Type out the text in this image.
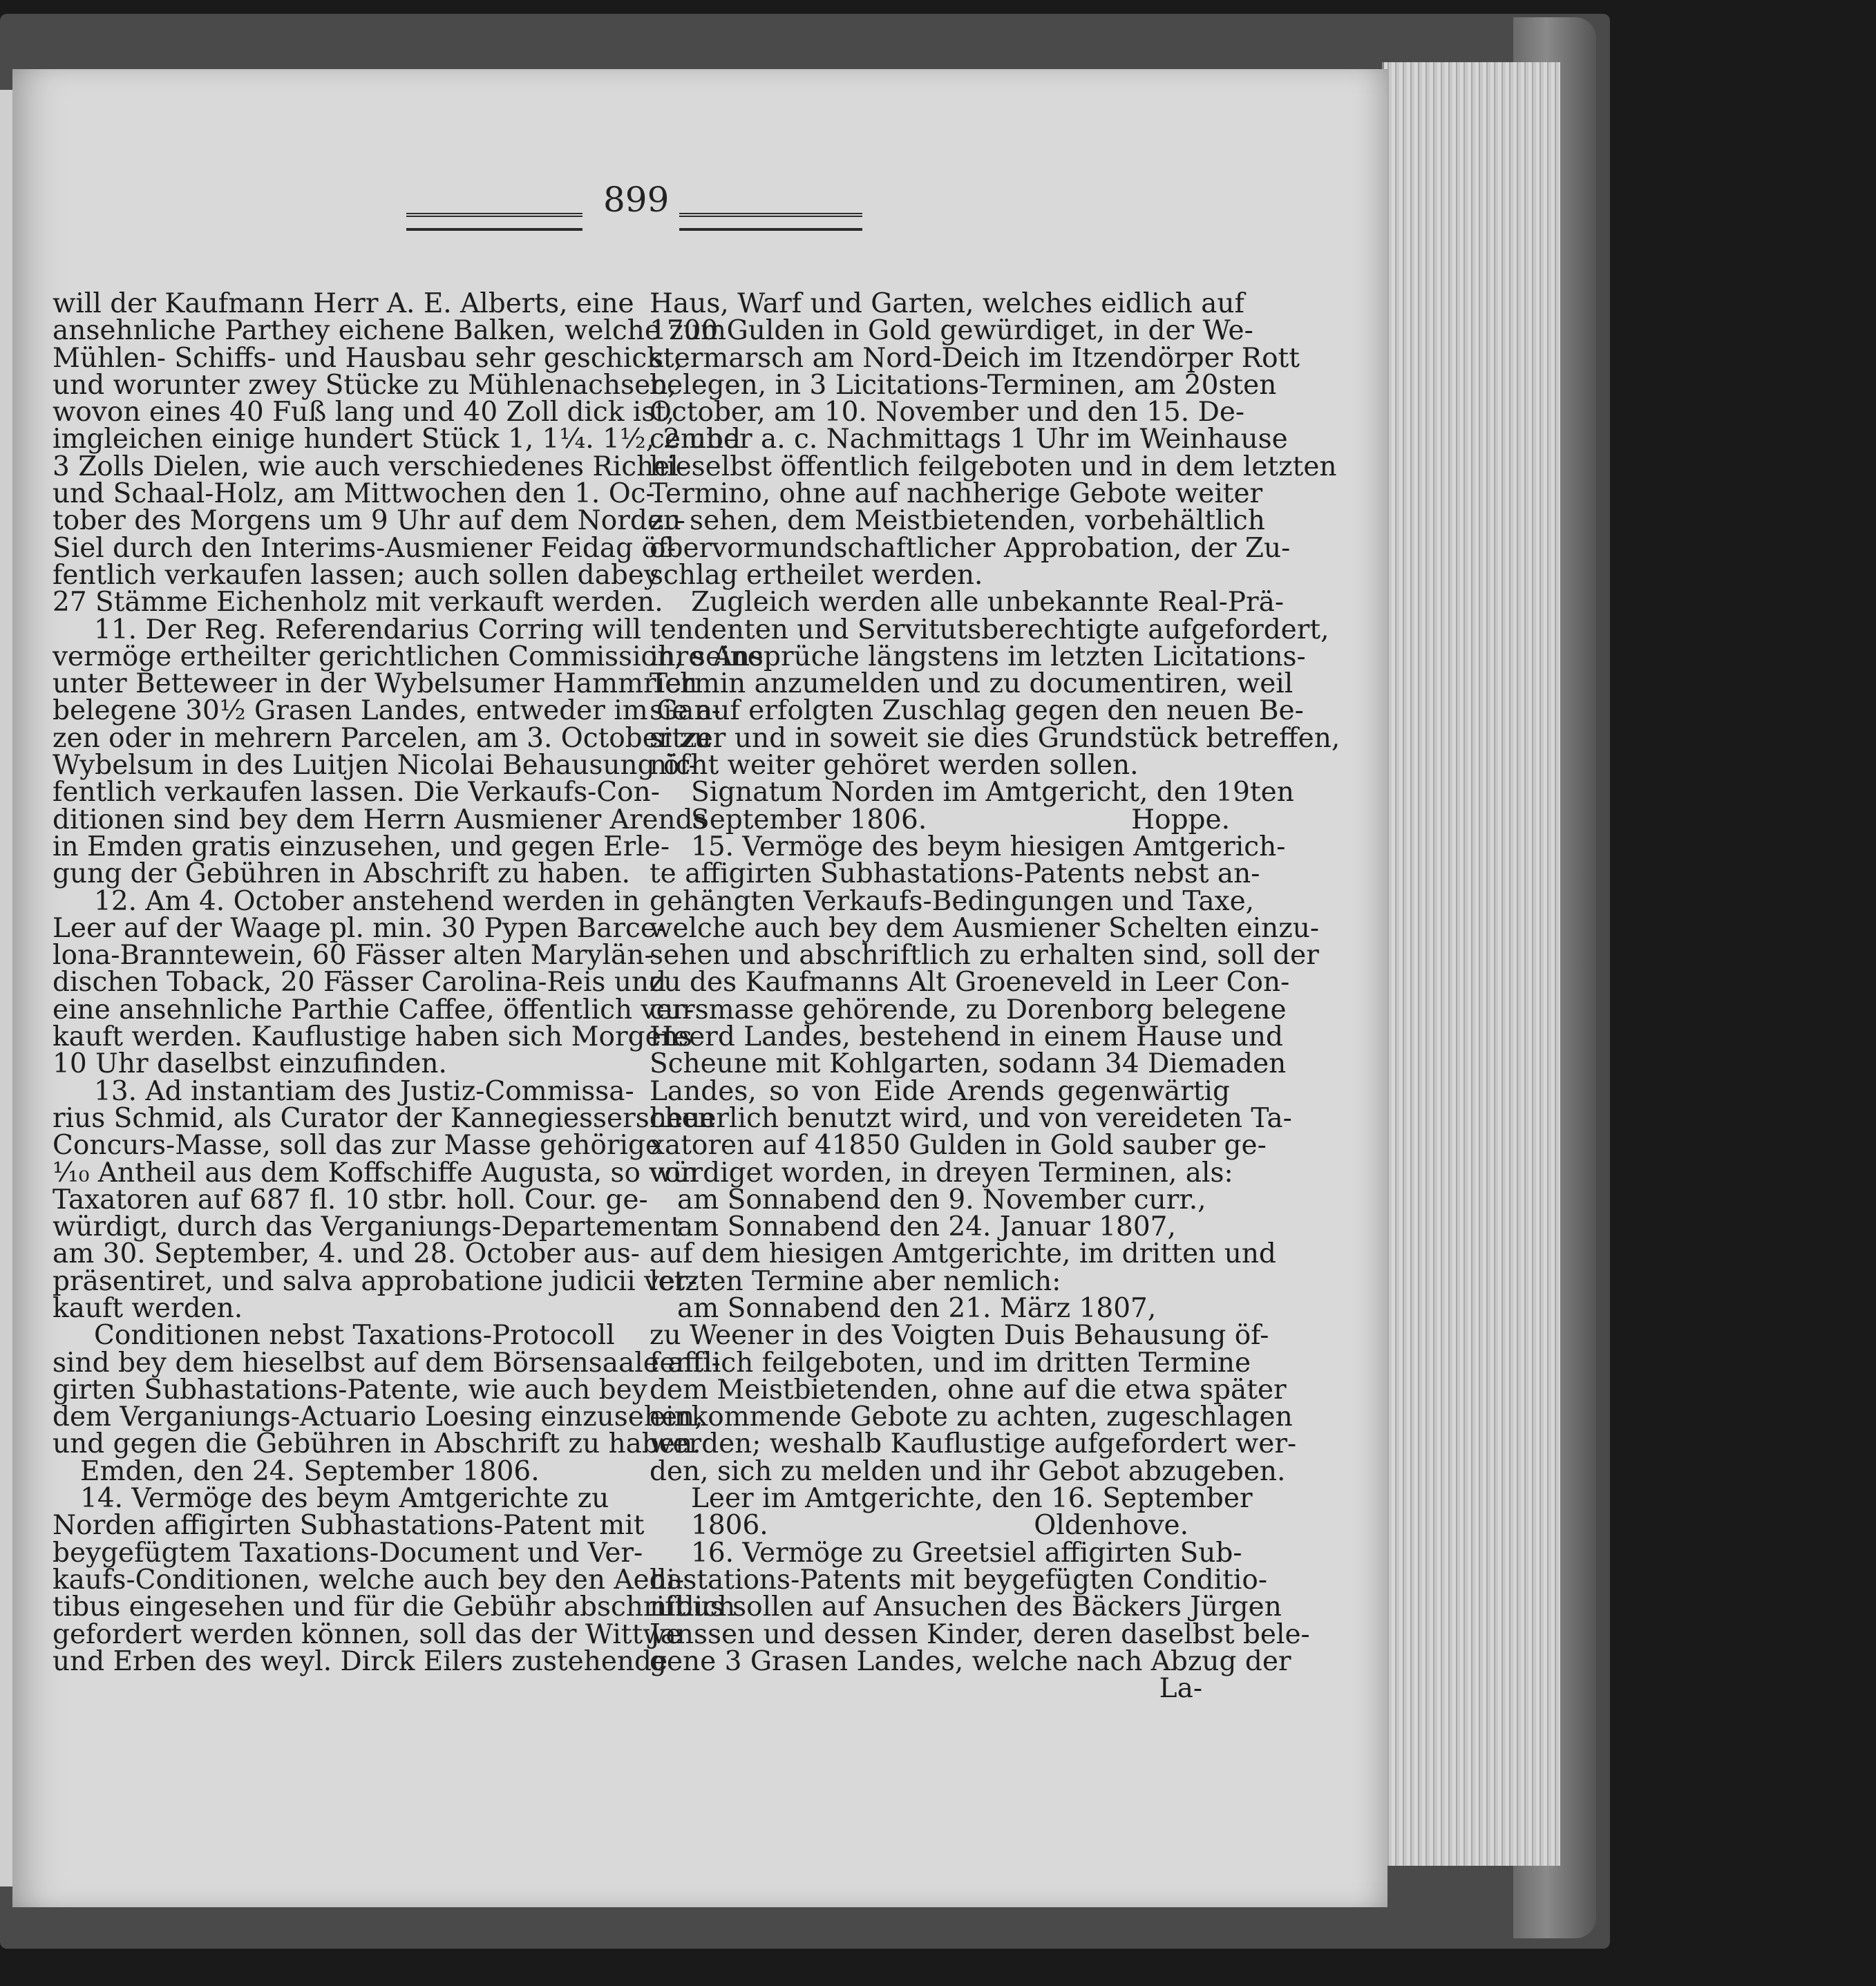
899
will der Kaufmann Herr A. E. Alberts, eine
ansehnliche Parthey eichene Balken, welche zum
Mühlen- Schiffs- und Hausbau sehr geschickt,
und worunter zwey Stücke zu Mühlenachsen,
wovon eines 40 Fuß lang und 40 Zoll dick ist,
imgleichen einige hundert Stück 1, 1¼. 1½, 2 und
3 Zolls Dielen, wie auch verschiedenes Richel-
und Schaal-Holz, am Mittwochen den 1. Oc-
tober des Morgens um 9 Uhr auf dem Norder-
Siel durch den Interims-Ausmiener Feidag öf-
fentlich verkaufen lassen; auch sollen dabey
27 Stämme Eichenholz mit verkauft werden.
11. Der Reg. Referendarius Corring will
vermöge ertheilter gerichtlichen Commission, seine
unter Betteweer in der Wybelsumer Hammrich
belegene 30½ Grasen Landes, entweder im Gan-
zen oder in mehrern Parcelen, am 3. October zu
Wybelsum in des Luitjen Nicolai Behausung öf-
fentlich verkaufen lassen. Die Verkaufs-Con-
ditionen sind bey dem Herrn Ausmiener Arends
in Emden gratis einzusehen, und gegen Erle-
gung der Gebühren in Abschrift zu haben.
12. Am 4. October anstehend werden in
Leer auf der Waage pl. min. 30 Pypen Barce-
lona-Branntewein, 60 Fässer alten Marylän-
dischen Toback, 20 Fässer Carolina-Reis und
eine ansehnliche Parthie Caffee, öffentlich ver-
kauft werden. Kauflustige haben sich Morgens
10 Uhr daselbst einzufinden.
13. Ad instantiam des Justiz-Commissa-
rius Schmid, als Curator der Kannegiesserschen
Concurs-Masse, soll das zur Masse gehörige
⅒ Antheil aus dem Koffschiffe Augusta, so von
Taxatoren auf 687 fl. 10 stbr. holl. Cour. ge-
würdigt, durch das Verganiungs-Departement
am 30. September, 4. und 28. October aus-
präsentiret, und salva approbatione judicii ver-
kauft werden.
Conditionen nebst Taxations-Protocoll
sind bey dem hieselbst auf dem Börsensaale affi-
girten Subhastations-Patente, wie auch bey
dem Verganiungs-Actuario Loesing einzusehen,
und gegen die Gebühren in Abschrift zu haben.
Emden, den 24. September 1806.
14. Vermöge des beym Amtgerichte zu
Norden affigirten Subhastations-Patent mit
beygefügtem Taxations-Document und Ver-
kaufs-Conditionen, welche auch bey den Aedi-
tibus eingesehen und für die Gebühr abschriftlich
gefordert werden können, soll das der Wittwe
und Erben des weyl. Dirck Eilers zustehende
Haus, Warf und Garten, welches eidlich auf
1700 Gulden in Gold gewürdiget, in der We-
stermarsch am Nord-Deich im Itzendörper Rott
belegen, in 3 Licitations-Terminen, am 20sten
October, am 10. November und den 15. De-
cember a. c. Nachmittags 1 Uhr im Weinhause
hieselbst öffentlich feilgeboten und in dem letzten
Termino, ohne auf nachherige Gebote weiter
zu sehen, dem Meistbietenden, vorbehältlich
obervormundschaftlicher Approbation, der Zu-
schlag ertheilet werden.
Zugleich werden alle unbekannte Real-Prä-
tendenten und Servitutsberechtigte aufgefordert,
ihre Ansprüche längstens im letzten Licitations-
Termin anzumelden und zu documentiren, weil
sie auf erfolgten Zuschlag gegen den neuen Be-
sitzer und in soweit sie dies Grundstück betreffen,
nicht weiter gehöret werden sollen.
Signatum Norden im Amtgericht, den 19ten
September 1806.	Hoppe.
15. Vermöge des beym hiesigen Amtgerich-
te affigirten Subhastations-Patents nebst an-
gehängten Verkaufs-Bedingungen und Taxe,
welche auch bey dem Ausmiener Schelten einzu-
sehen und abschriftlich zu erhalten sind, soll der
zu des Kaufmanns Alt Groeneveld in Leer Con-
cursmasse gehörende, zu Dorenborg belegene
Heerd Landes, bestehend in einem Hause und
Scheune mit Kohlgarten, sodann 34 Diemaden
Landes, so von Eide Arends gegenwärtig
heuerlich benutzt wird, und von vereideten Ta-
xatoren auf 41850 Gulden in Gold sauber ge-
würdiget worden, in dreyen Terminen, als:
am Sonnabend den 9. November curr.,
am Sonnabend den 24. Januar 1807,
auf dem hiesigen Amtgerichte, im dritten und
letzten Termine aber nemlich:
am Sonnabend den 21. März 1807,
zu Weener in des Voigten Duis Behausung öf-
fentlich feilgeboten, und im dritten Termine
dem Meistbietenden, ohne auf die etwa später
einkommende Gebote zu achten, zugeschlagen
werden; weshalb Kauflustige aufgefordert wer-
den, sich zu melden und ihr Gebot abzugeben.
Leer im Amtgerichte, den 16. September
1806.	Oldenhove.
16. Vermöge zu Greetsiel affigirten Sub-
hastations-Patents mit beygefügten Conditio-
nibus sollen auf Ansuchen des Bäckers Jürgen
Janssen und dessen Kinder, deren daselbst bele-
gene 3 Grasen Landes, welche nach Abzug der
La-
